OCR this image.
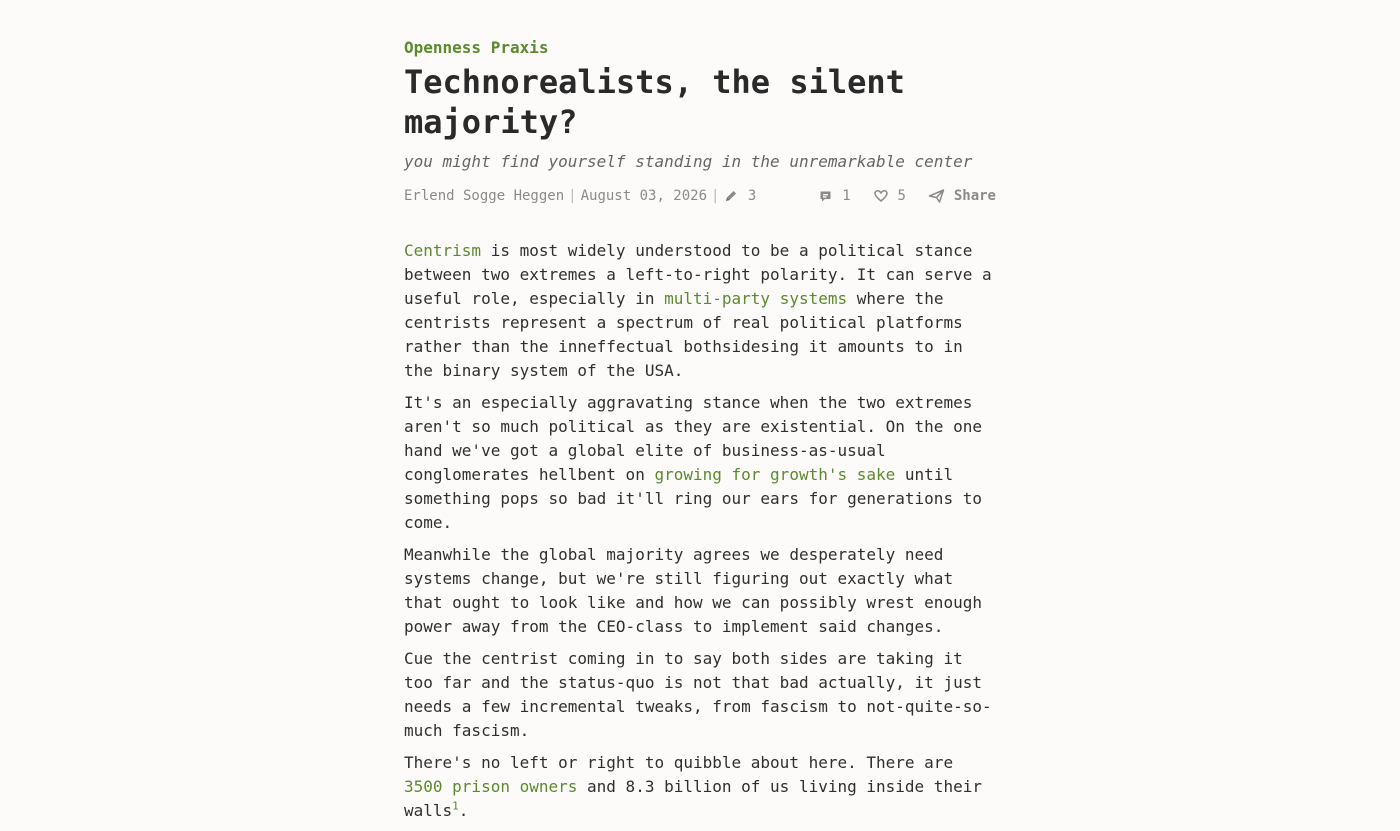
Openness Praxis
Technorealists, the silent majority?

you might find yourself standing in the unremarkable center

Erlend Sogge Heggen | August 03, 2026 | 3	1	5	Share

Centrism is most widely understood to be a political stance between two extremes a left-to-right polarity. It can serve a useful role, especially in multi-party systems where the centrists represent a spectrum of real political platforms rather than the inneffectual bothsidesing it amounts to in the binary system of the USA.

It's an especially aggravating stance when the two extremes aren't so much political as they are existential. On the one hand we've got a global elite of business-as-usual conglomerates hellbent on growing for growth's sake until something pops so bad it'll ring our ears for generations to come.

Meanwhile the global majority agrees we desperately need systems change, but we're still figuring out exactly what that ought to look like and how we can possibly wrest enough power away from the CEO-class to implement said changes.

Cue the centrist coming in to say both sides are taking it too far and the status-quo is not that bad actually, it just needs a few incremental tweaks, from fascism to not-quite-so-much fascism.

There's no left or right to quibble about here. There are 3500 prison owners and 8.3 billion of us living inside their walls$^1$.
